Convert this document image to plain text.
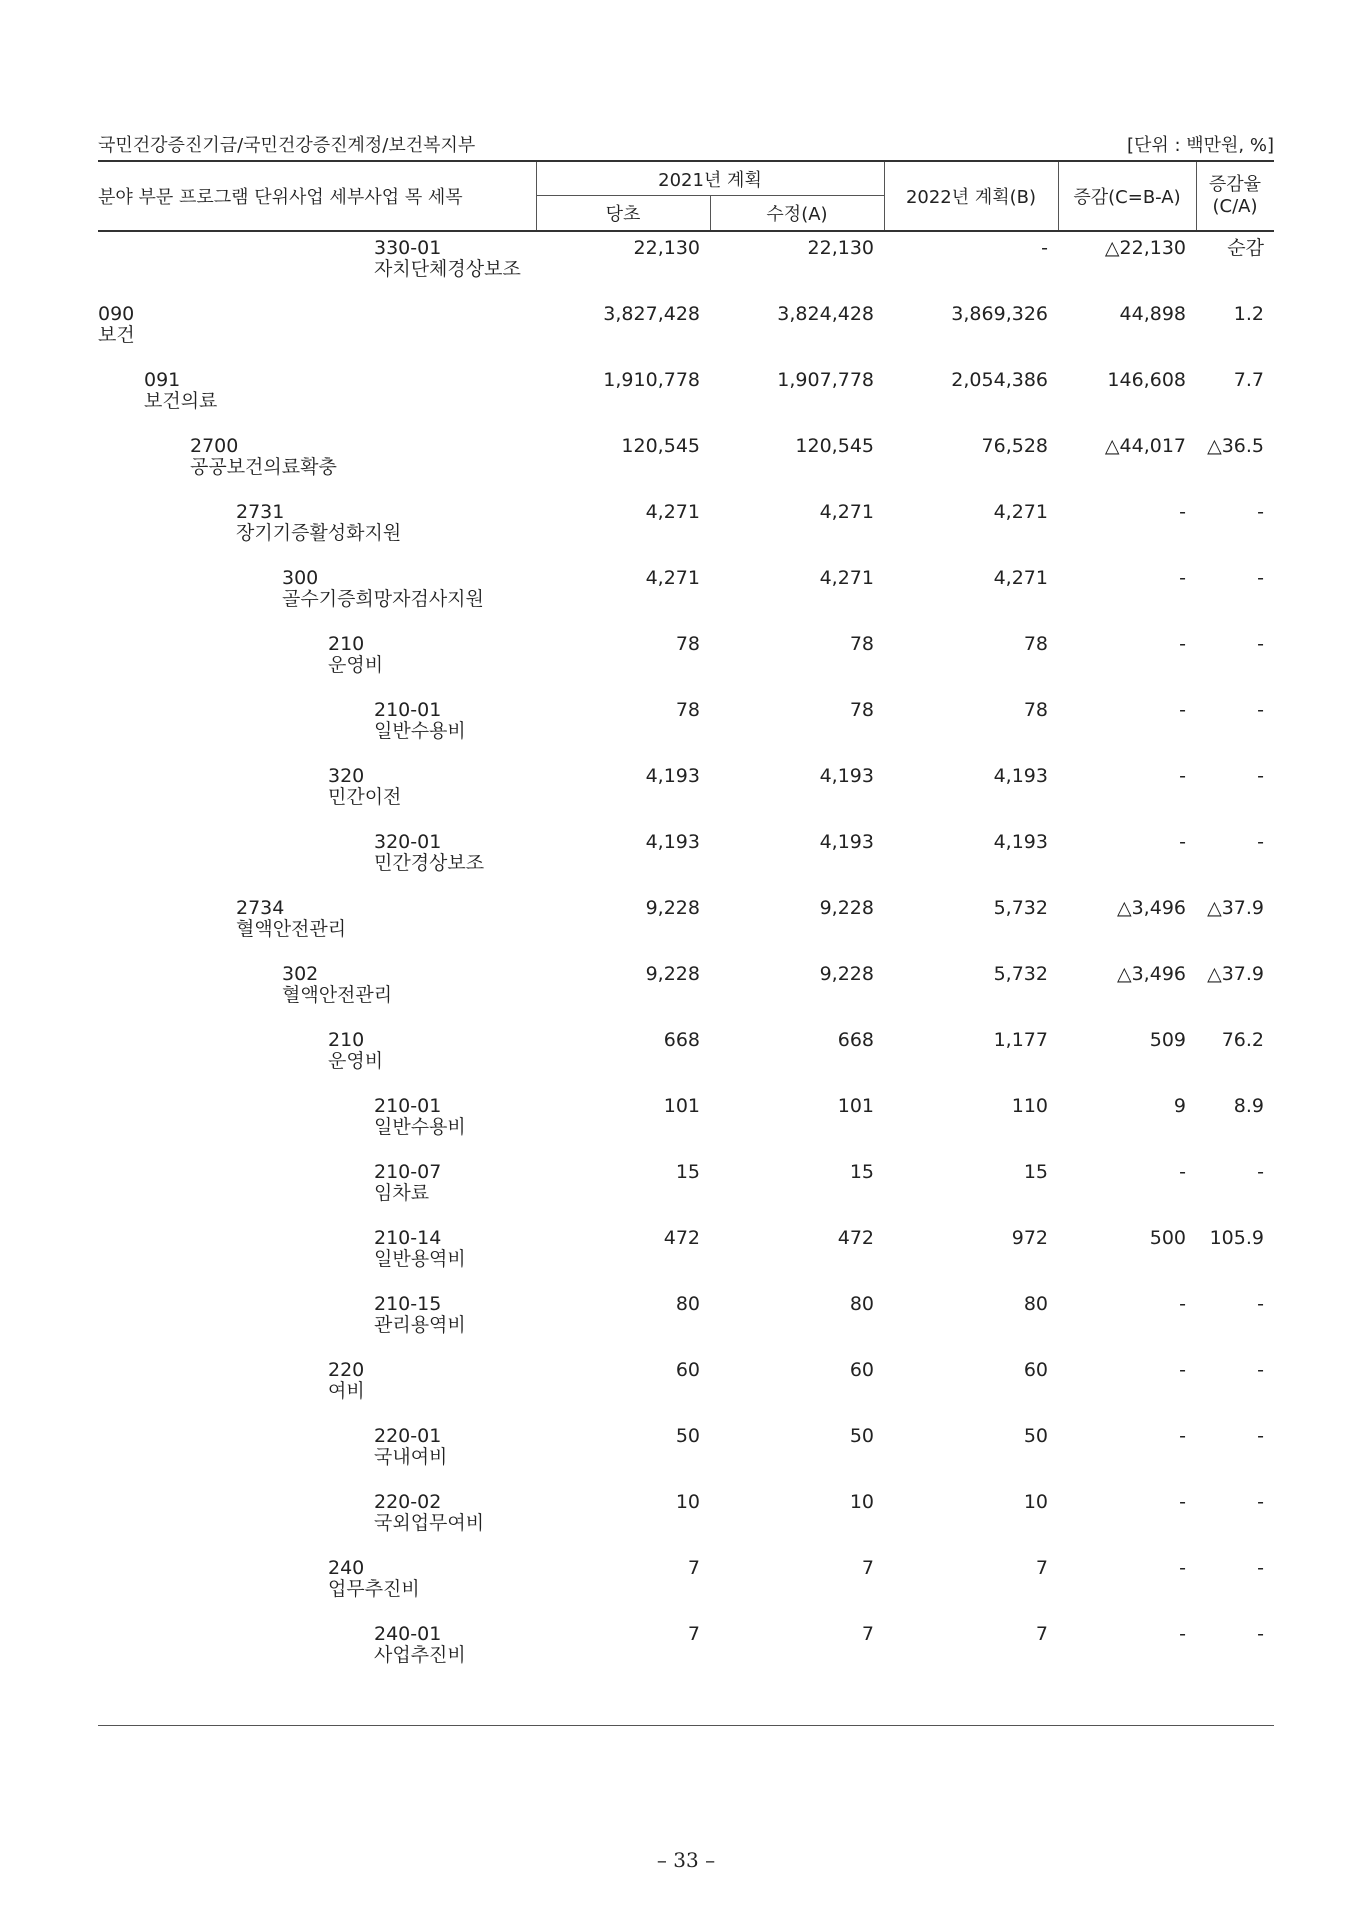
국민건강증진기금/국민건강증진계정/보건복지부	[단위 : 백만원, %]
분야 부문 프로그램 단위사업 세부사업 목 세목
2021년 계획
당초	수정(A)
2022년 계획(B)	증감(C=B-A)
증감율
(C/A)
330-01
자치단체경상보조
22,130	22,130	-	△22,130	순감
090
보건
3,827,428	3,824,428	3,869,326	44,898	1.2
091
보건의료
1,910,778	1,907,778	2,054,386	146,608	7.7
2700
공공보건의료확충
120,545	120,545	76,528	△44,017	△36.5
2731
장기기증활성화지원
4,271	4,271	4,271	-	-
300
골수기증희망자검사지원
4,271	4,271	4,271	-	-
210
운영비
78	78	78	-	-
210-01
일반수용비
78	78	78	-	-
320
민간이전
4,193	4,193	4,193	-	-
320-01
민간경상보조
4,193	4,193	4,193	-	-
2734
혈액안전관리
9,228	9,228	5,732	△3,496	△37.9
302
혈액안전관리
9,228	9,228	5,732	△3,496	△37.9
210
운영비
668	668	1,177	509	76.2
210-01
일반수용비
101	101	110	9	8.9
210-07
임차료
15	15	15	-	-
210-14
일반용역비
472	472	972	500	105.9
210-15
관리용역비
80	80	80	-	-
220
여비
60	60	60	-	-
220-01
국내여비
50	50	50	-	-
220-02
국외업무여비
10	10	10	-	-
240
업무추진비
7	7	7	-	-
240-01
사업추진비
7	7	7	-	-
– 33 –
